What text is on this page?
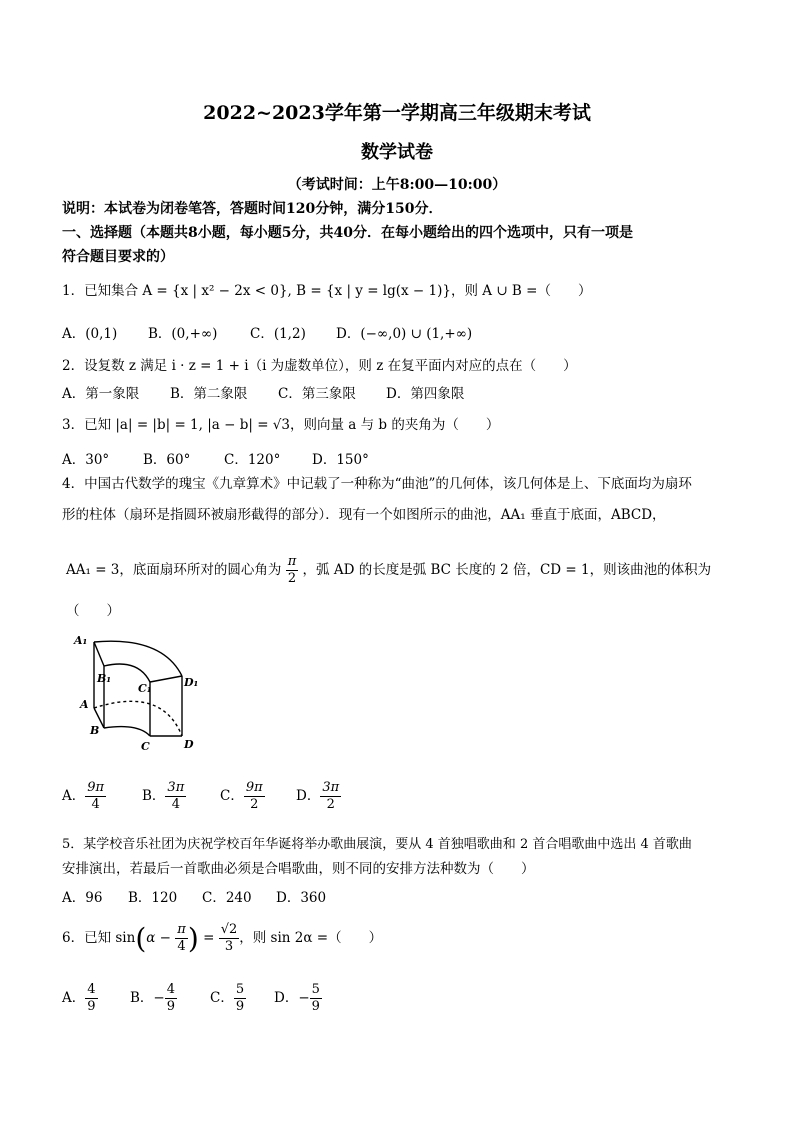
2022~2023学年第一学期高三年级期末考试
数学试卷
（考试时间：上午8:00—10:00）
说明：本试卷为闭卷笔答，答题时间120分钟，满分150分．
一、选择题（本题共8小题，每小题5分，共40分．在每小题给出的四个选项中，只有一项是
符合题目要求的）
1．已知集合 A = {x | x² − 2x < 0}, B = {x | y = lg(x − 1)}，则 A ∪ B =（　　）
A．(0,1) B．(0,+∞) C．(1,2) D．(−∞,0) ∪ (1,+∞)
2．设复数 z 满足 i · z = 1 + i（i 为虚数单位），则 z 在复平面内对应的点在（　　）
A．第一象限 B．第二象限 C．第三象限 D．第四象限
3．已知 |a| = |b| = 1, |a − b| = √3，则向量 a 与 b 的夹角为（　　）
A．30°	B．60° C．120° D．150°
4．中国古代数学的瑰宝《九章算术》中记载了一种称为“曲池”的几何体，该几何体是上、下底面均为扇环
形的柱体（扇环是指圆环被扇形截得的部分）．现有一个如图所示的曲池，AA₁ 垂直于底面，ABCD，
AA₁ = 3，底面扇环所对的圆心角为 $\frac{\pi}{2}$ ，弧 AD 的长度是弧 BC 长度的 2 倍，CD = 1，则该曲池的体积为
（　　）
A₁
B₁
C₁	D₁
A
B
C	D
A． $\frac{9\pi}{4}$	B． $\frac{3\pi}{4}$	C． $\frac{9\pi}{2}$ D． $\frac{3\pi}{2}$
5．某学校音乐社团为庆祝学校百年华诞将举办歌曲展演，要从 4 首独唱歌曲和 2 首合唱歌曲中选出 4 首歌曲
安排演出，若最后一首歌曲必须是合唱歌曲，则不同的安排方法种数为（　　）
A．96 B．120 C．240 D．360
6．已知 $\sin(\alpha - \frac{\pi}{4}$ ) = $\frac{√2}{3}$ ，则 sin 2α =（　　）
A． $\frac{4}{9}$ B．− $\frac{4}{9}$ C． $\frac{5}{9}$ D．− $\frac{5}{9}$
